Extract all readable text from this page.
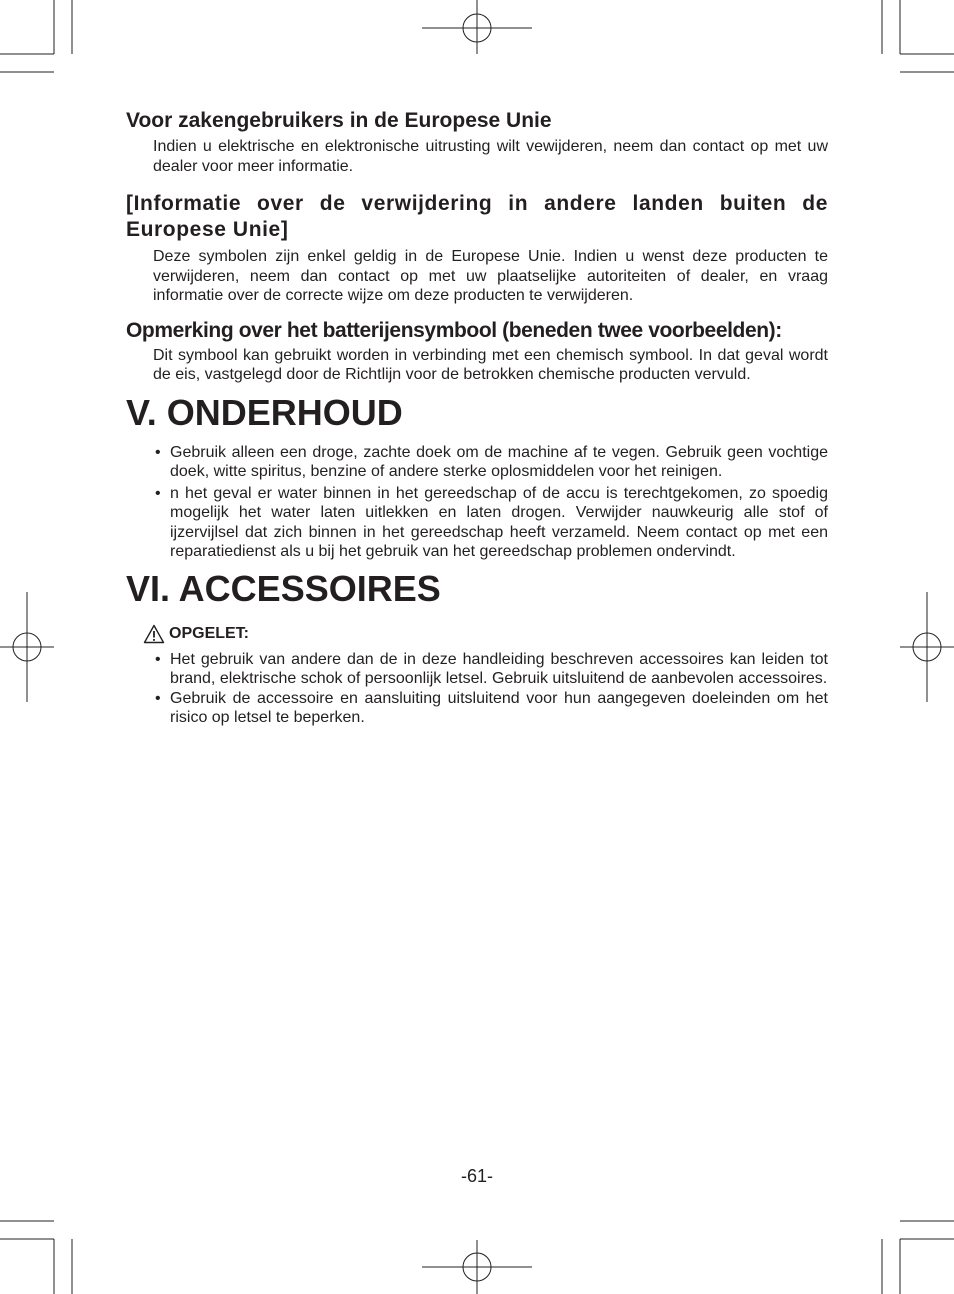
Voor zakengebruikers in de Europese Unie

Indien u elektrische en elektronische uitrusting wilt vewijderen, neem dan contact op met uw dealer voor meer informatie.

[Informatie over de verwijdering in andere landen buiten de Europese Unie]

Deze symbolen zijn enkel geldig in de Europese Unie. Indien u wenst deze producten te verwijderen, neem dan contact op met uw plaatselijke autoriteiten of dealer, en vraag informatie over de correcte wijze om deze producten te verwijderen.

Opmerking over het batterijensymbool (beneden twee voorbeelden):

Dit symbool kan gebruikt worden in verbinding met een chemisch symbool. In dat geval wordt de eis, vastgelegd door de Richtlijn voor de betrokken chemische producten vervuld.

V. ONDERHOUD
• Gebruik alleen een droge, zachte doek om de machine af te vegen. Gebruik geen vochtige doek, witte spiritus, benzine of andere sterke oplosmiddelen voor het reinigen.
• n het geval er water binnen in het gereedschap of de accu is terechtgekomen, zo spoedig mogelijk het water laten uitlekken en laten drogen. Verwijder nauwkeurig alle stof of ijzervijlsel dat zich binnen in het gereedschap heeft verzameld. Neem contact op met een reparatiedienst als u bij het gebruik van het gereedschap problemen ondervindt.
VI. ACCESSOIRES
OPGELET:
• Het gebruik van andere dan de in deze handleiding beschreven accessoires kan leiden tot brand, elektrische schok of persoonlijk letsel. Gebruik uitsluitend de aanbevolen accessoires.
• Gebruik de accessoire en aansluiting uitsluitend voor hun aangegeven doeleinden om het risico op letsel te beperken.
-61-
